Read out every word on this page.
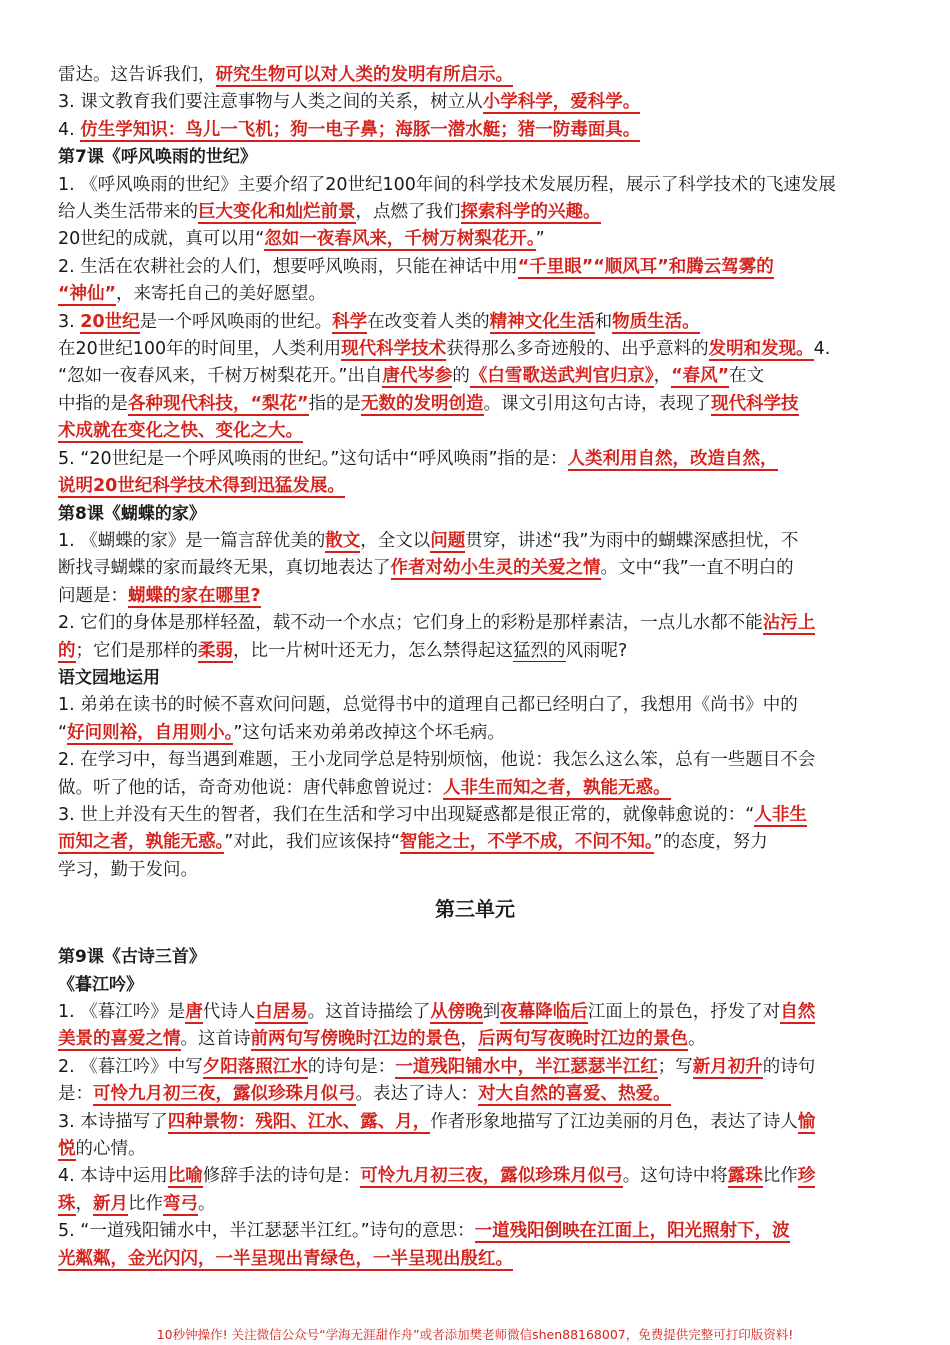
雷达。这告诉我们，研究生物可以对人类的发明有所启示。
3. 课文教育我们要注意事物与人类之间的关系，树立从小学科学，爱科学。
4. 仿生学知识：鸟儿一飞机；狗一电子鼻；海豚一潜水艇；猪一防毒面具。
第7课《呼风唤雨的世纪》
1. 《呼风唤雨的世纪》主要介绍了20世纪100年间的科学技术发展历程，展示了科学技术的飞速发展
给人类生活带来的巨大变化和灿烂前景，点燃了我们探索科学的兴趣。
20世纪的成就，真可以用“忽如一夜春风来，千树万树梨花开。”
2. 生活在农耕社会的人们，想要呼风唤雨，只能在神话中用“千里眼”“顺风耳”和腾云驾雾的
“神仙”，来寄托自己的美好愿望。
3. 20世纪是一个呼风唤雨的世纪。科学在改变着人类的精神文化生活和物质生活。
在20世纪100年的时间里，人类利用现代科学技术获得那么多奇迹般的、出乎意料的发明和发现。4.
“忽如一夜春风来，千树万树梨花开。”出自唐代岑参的《白雪歌送武判官归京》，“春风”在文
中指的是各种现代科技，“梨花”指的是无数的发明创造。课文引用这句古诗，表现了现代科学技
术成就在变化之快、变化之大。
5. “20世纪是一个呼风唤雨的世纪。”这句话中“呼风唤雨”指的是：人类利用自然，改造自然，
说明20世纪科学技术得到迅猛发展。
第8课《蝴蝶的家》
1. 《蝴蝶的家》是一篇言辞优美的散文，全文以问题贯穿，讲述“我”为雨中的蝴蝶深感担忧，不
断找寻蝴蝶的家而最终无果，真切地表达了作者对幼小生灵的关爱之情。文中“我”一直不明白的
问题是：蝴蝶的家在哪里?
2. 它们的身体是那样轻盈，载不动一个水点；它们身上的彩粉是那样素洁，一点儿水都不能沾污上
的；它们是那样的柔弱，比一片树叶还无力，怎么禁得起这猛烈的风雨呢?
语文园地运用
1. 弟弟在读书的时候不喜欢问问题，总觉得书中的道理自己都已经明白了，我想用《尚书》中的
“好问则裕，自用则小。”这句话来劝弟弟改掉这个坏毛病。
2. 在学习中，每当遇到难题，王小龙同学总是特别烦恼，他说：我怎么这么笨，总有一些题目不会
做。听了他的话，奇奇劝他说：唐代韩愈曾说过：人非生而知之者，孰能无惑。
3. 世上并没有天生的智者，我们在生活和学习中出现疑惑都是很正常的，就像韩愈说的：“人非生
而知之者，孰能无惑。”对此，我们应该保持“智能之士，不学不成，不问不知。”的态度，努力
学习，勤于发问。
第三单元
第9课《古诗三首》
《暮江吟》
1. 《暮江吟》是唐代诗人白居易。这首诗描绘了从傍晚到夜幕降临后江面上的景色，抒发了对自然
美景的喜爱之情。这首诗前两句写傍晚时江边的景色，后两句写夜晚时江边的景色。
2. 《暮江吟》中写夕阳落照江水的诗句是：一道残阳铺水中，半江瑟瑟半江红；写新月初升的诗句
是：可怜九月初三夜，露似珍珠月似弓。表达了诗人：对大自然的喜爱、热爱。
3. 本诗描写了四种景物：残阳、江水、露、月，作者形象地描写了江边美丽的月色，表达了诗人愉
悦的心情。
4. 本诗中运用比喻修辞手法的诗句是：可怜九月初三夜，露似珍珠月似弓。这句诗中将露珠比作珍
珠，新月比作弯弓。
5. “一道残阳铺水中，半江瑟瑟半江红。”诗句的意思：一道残阳倒映在江面上，阳光照射下，波
光粼粼，金光闪闪，一半呈现出青绿色，一半呈现出殷红。
10秒钟操作! 关注微信公众号“学海无涯甜作舟”或者添加樊老师微信shen88168007，免费提供完整可打印版资料!
